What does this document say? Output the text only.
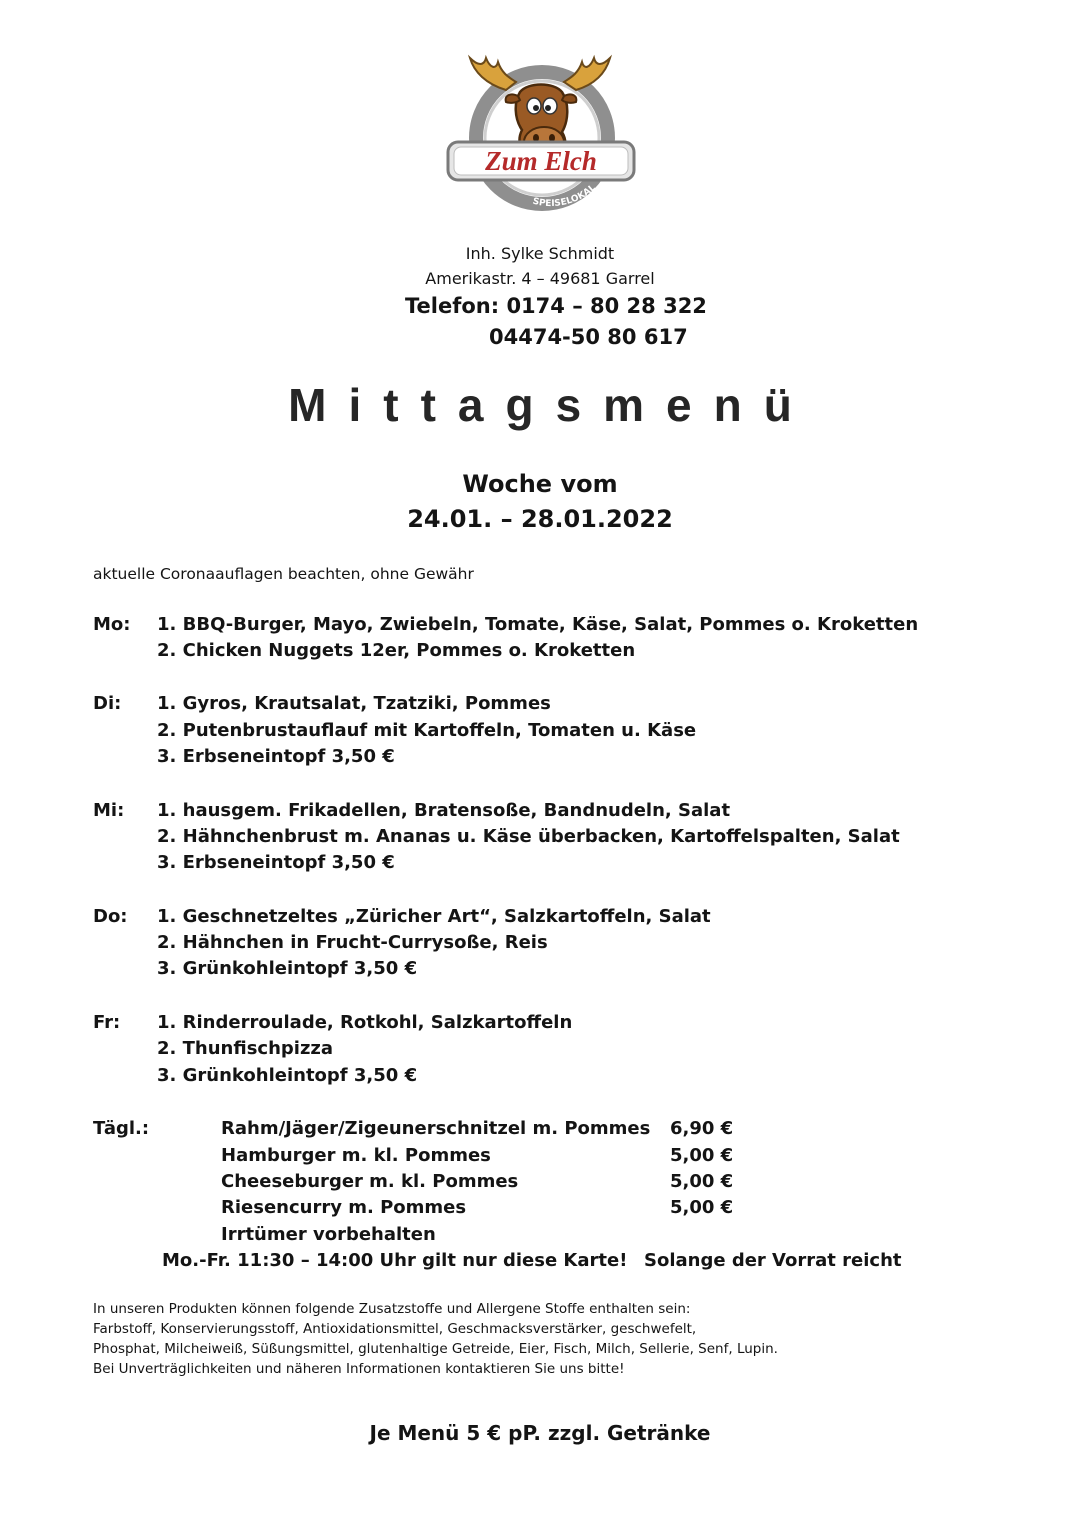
Zum Elch
SPEISELOKAL
Inh. Sylke Schmidt
Amerikastr. 4 – 49681 Garrel
Telefon: 0174 – 80 28 322
04474-50 80 617
Mittagsmenü
Woche vom
24.01. – 28.01.2022
aktuelle Coronaauflagen beachten, ohne Gewähr
Mo: 1. BBQ-Burger, Mayo, Zwiebeln, Tomate, Käse, Salat, Pommes o. Kroketten
2. Chicken Nuggets 12er, Pommes o. Kroketten
Di: 1. Gyros, Krautsalat, Tzatziki, Pommes
2. Putenbrustauflauf mit Kartoffeln, Tomaten u. Käse
3. Erbseneintopf 3,50 €
Mi: 1. hausgem. Frikadellen, Bratensoße, Bandnudeln, Salat
2. Hähnchenbrust m. Ananas u. Käse überbacken, Kartoffelspalten, Salat
3. Erbseneintopf 3,50 €
Do: 1. Geschnetzeltes „Züricher Art“, Salzkartoffeln, Salat
2. Hähnchen in Frucht-Currysoße, Reis
3. Grünkohleintopf 3,50 €
Fr: 1. Rinderroulade, Rotkohl, Salzkartoffeln
2. Thunfischpizza
3. Grünkohleintopf 3,50 €
Tägl.:	Rahm/Jäger/Zigeunerschnitzel m. Pommes 6,90 €
Hamburger m. kl. Pommes	5,00 €
Cheeseburger m. kl. Pommes	5,00 €
Riesencurry m. Pommes	5,00 €
Irrtümer vorbehalten
Mo.-Fr. 11:30 – 14:00 Uhr gilt nur diese Karte! Solange der Vorrat reicht
In unseren Produkten können folgende Zusatzstoffe und Allergene Stoffe enthalten sein:
Farbstoff, Konservierungsstoff, Antioxidationsmittel, Geschmacksverstärker, geschwefelt,
Phosphat, Milcheiweiß, Süßungsmittel, glutenhaltige Getreide, Eier, Fisch, Milch, Sellerie, Senf, Lupin.
Bei Unverträglichkeiten und näheren Informationen kontaktieren Sie uns bitte!
Je Menü 5 € pP. zzgl. Getränke
